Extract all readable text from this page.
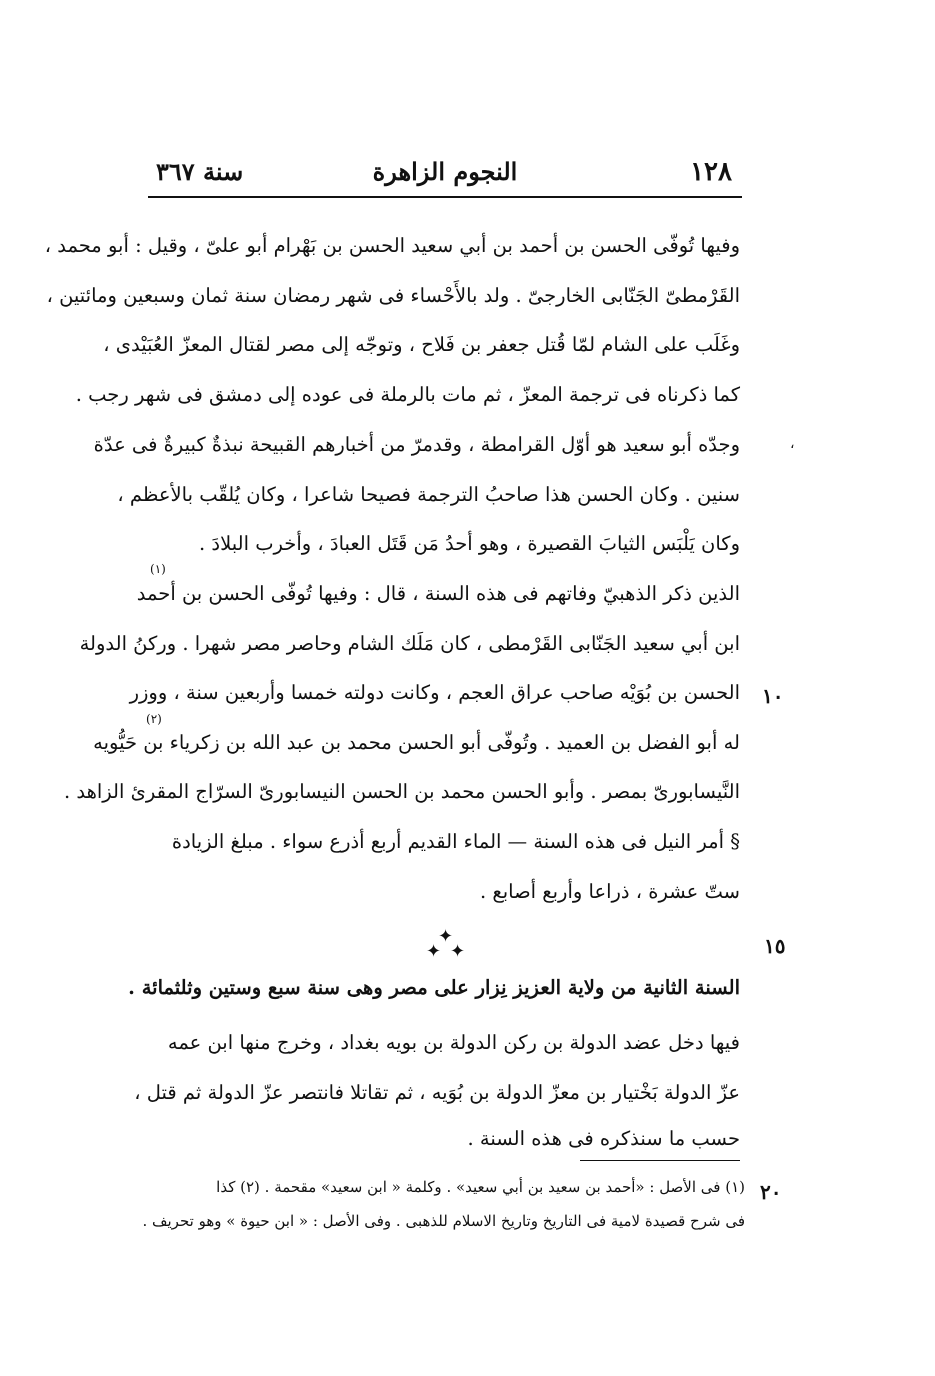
١٢٨
النجوم الزاهرة
سنة ٣٦٧
وفيها تُوفّى الحسن بن أحمد بن أبي سعيد الحسن بن بَهْرام أبو علىّ ، وقيل : أبو محمد ،
القَرْمطىّ الجَنّابى الخارجىّ . ولد بالأَحْساء فى شهر رمضان سنة ثمان وسبعين ومائتين ،
وغَلَب على الشام لمّا قُتل جعفر بن فَلاح ، وتوجّه إلى مصر لقتال المعزّ العُبَيْدى ،
كما ذكرناه فى ترجمة المعزّ ، ثم مات بالرملة فى عوده إلى دمشق فى شهر رجب .
وجدّه أبو سعيد هو أوّل القرامطة ، وقدمرّ من أخبارهم القبيحة نبذةٌ كبيرةٌ فى عدّة
سنين . وكان الحسن هذا صاحبُ الترجمة فصيحا شاعرا ، وكان يُلقّب بالأعظم ،
وكان يَلْبَس الثيابَ القصيرة ، وهو أحدُ مَن قَتَل العبادَ ، وأخرب البلادَ .
الذين ذكر الذهبيّ وفاتهم فى هذه السنة ، قال : وفيها تُوفّى الحسن بن أحمد
ابن أبي سعيد الجَنّابى القَرْمطى ، كان مَلَك الشام وحاصر مصر شهرا . وركنُ الدولة
الحسن بن بُوَيْه صاحب عراق العجم ، وكانت دولته خمسا وأربعين سنة ، ووزر
له أبو الفضل بن العميد . وتُوفّى أبو الحسن محمد بن عبد الله بن زكرياء بن حَيُّويه
النَّيسابورىّ بمصر . وأبو الحسن محمد بن الحسن النيسابورىّ السرّاج المقرئ الزاهد .
§ أمر النيل فى هذه السنة — الماء القديم أربع أذرع سواء . مبلغ الزيادة
ستّ عشرة ، ذراعا وأربع أصابع .
✦
✦ ✦
السنة الثانية من ولاية العزيز نِزار على مصر وهى سنة سبع وستين وثلثمائة .
فيها دخل عضد الدولة بن ركن الدولة بن بويه بغداد ، وخرج منها ابن عمه
عزّ الدولة بَخْتيار بن معزّ الدولة بن بُوَيه ، ثم تقاتلا فانتصر عزّ الدولة ثم قتل ،
حسب ما سنذكره فى هذه السنة .
١٠
١٥
٢٠
،
(١)
(٢)
(١) فى الأصل : «أحمد بن سعيد بن أبي سعيد» . وكلمة « ابن سعيد» مقحمة . (٢) كذا
فى شرح قصيدة لامية فى التاريخ وتاريخ الاسلام للذهبى . وفى الأصل : « ابن حيوة » وهو تحريف .
